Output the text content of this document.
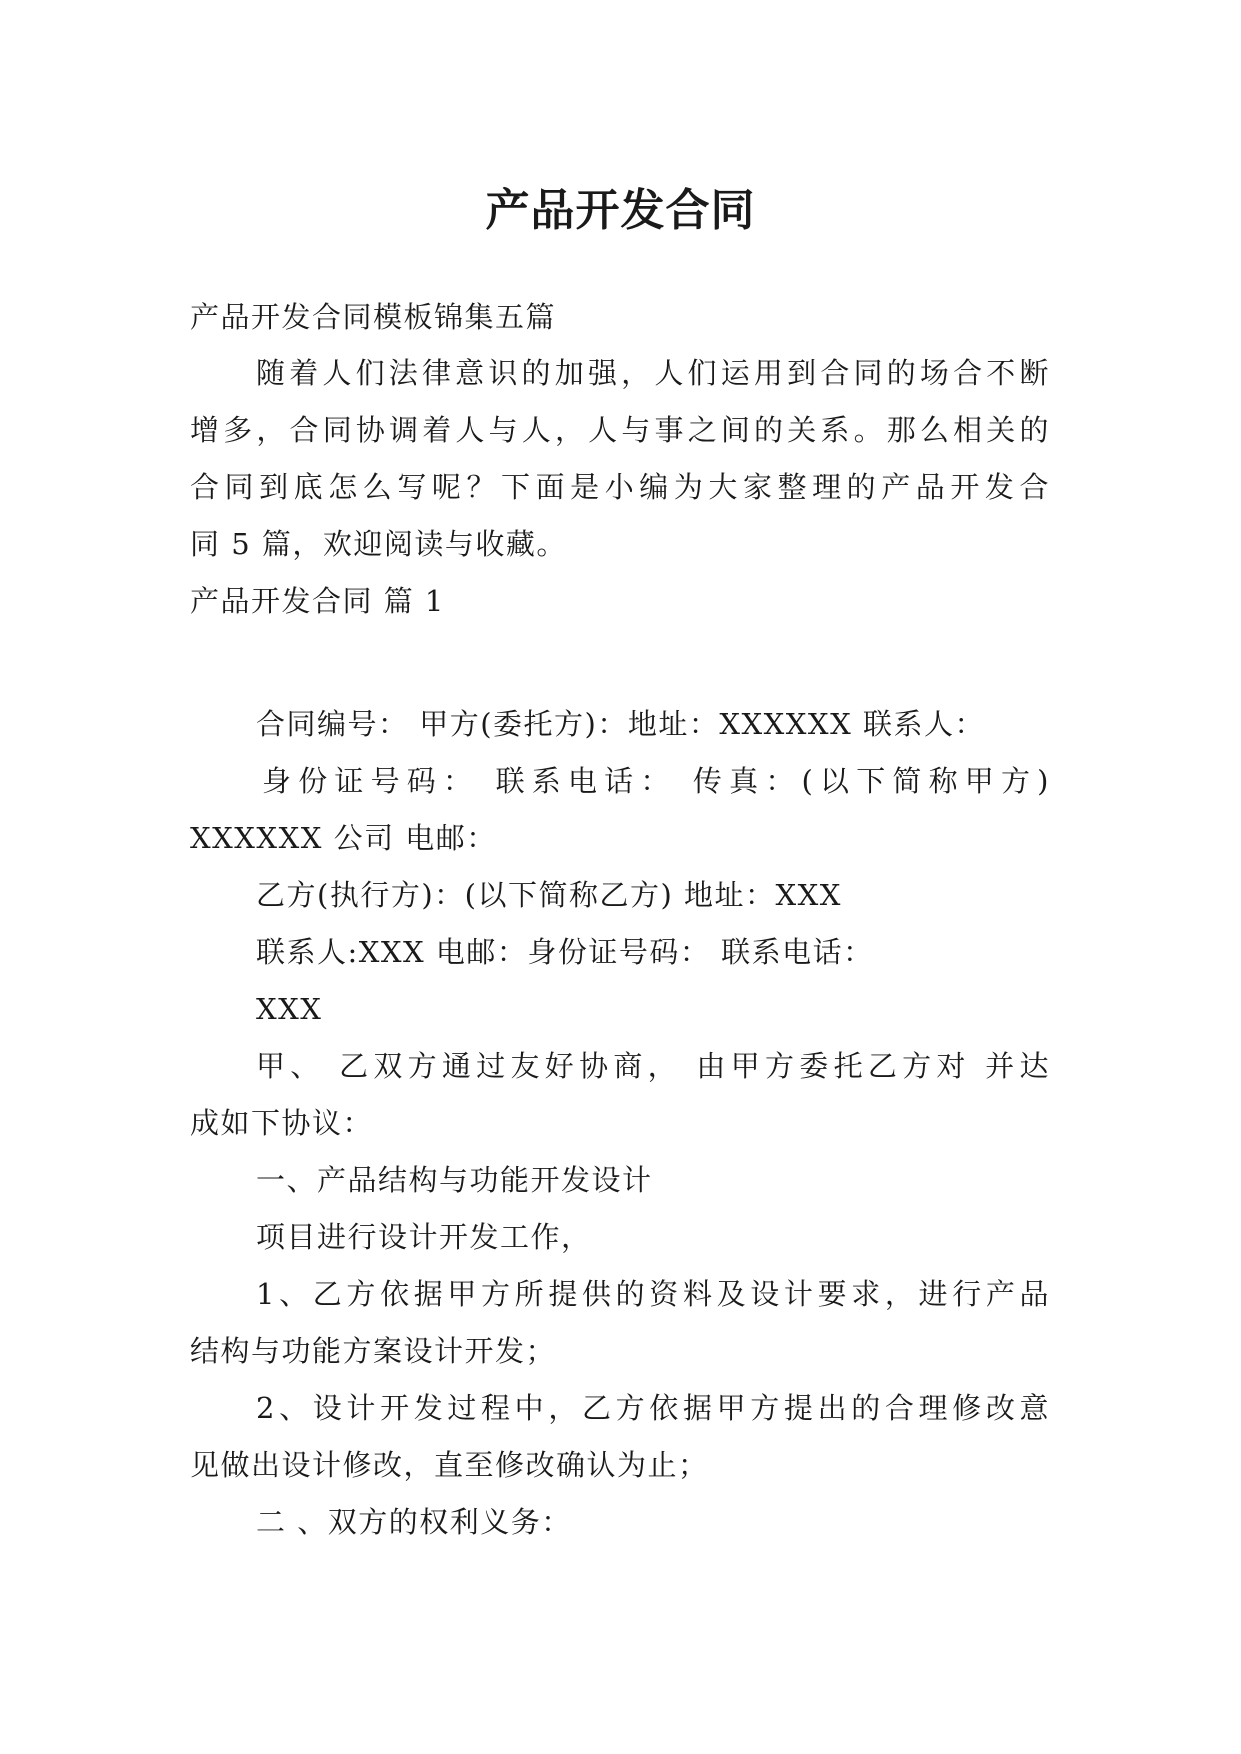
产品开发合同

产品开发合同模板锦集五篇

随着人们法律意识的加强，人们运用到合同的场合不断

增多，合同协调着人与人，人与事之间的关系。那么相关的

合同到底怎么写呢？下面是小编为大家整理的产品开发合

同 5 篇，欢迎阅读与收藏。

产品开发合同 篇 1

合同编号： 甲方(委托方)：地址：XXXXXX 联系人：

身份证号码： 联系电话： 传真：(以下简称甲方)

XXXXXX 公司 电邮：

乙方(执行方)：(以下简称乙方) 地址：XXX

联系人:XXX 电邮：身份证号码： 联系电话：

XXX

甲、 乙双方通过友好协商， 由甲方委托乙方对 并达

成如下协议：

一、产品结构与功能开发设计

项目进行设计开发工作，

1、乙方依据甲方所提供的资料及设计要求，进行产品

结构与功能方案设计开发；

2、设计开发过程中，乙方依据甲方提出的合理修改意

见做出设计修改，直至修改确认为止；

二 、双方的权利义务：
